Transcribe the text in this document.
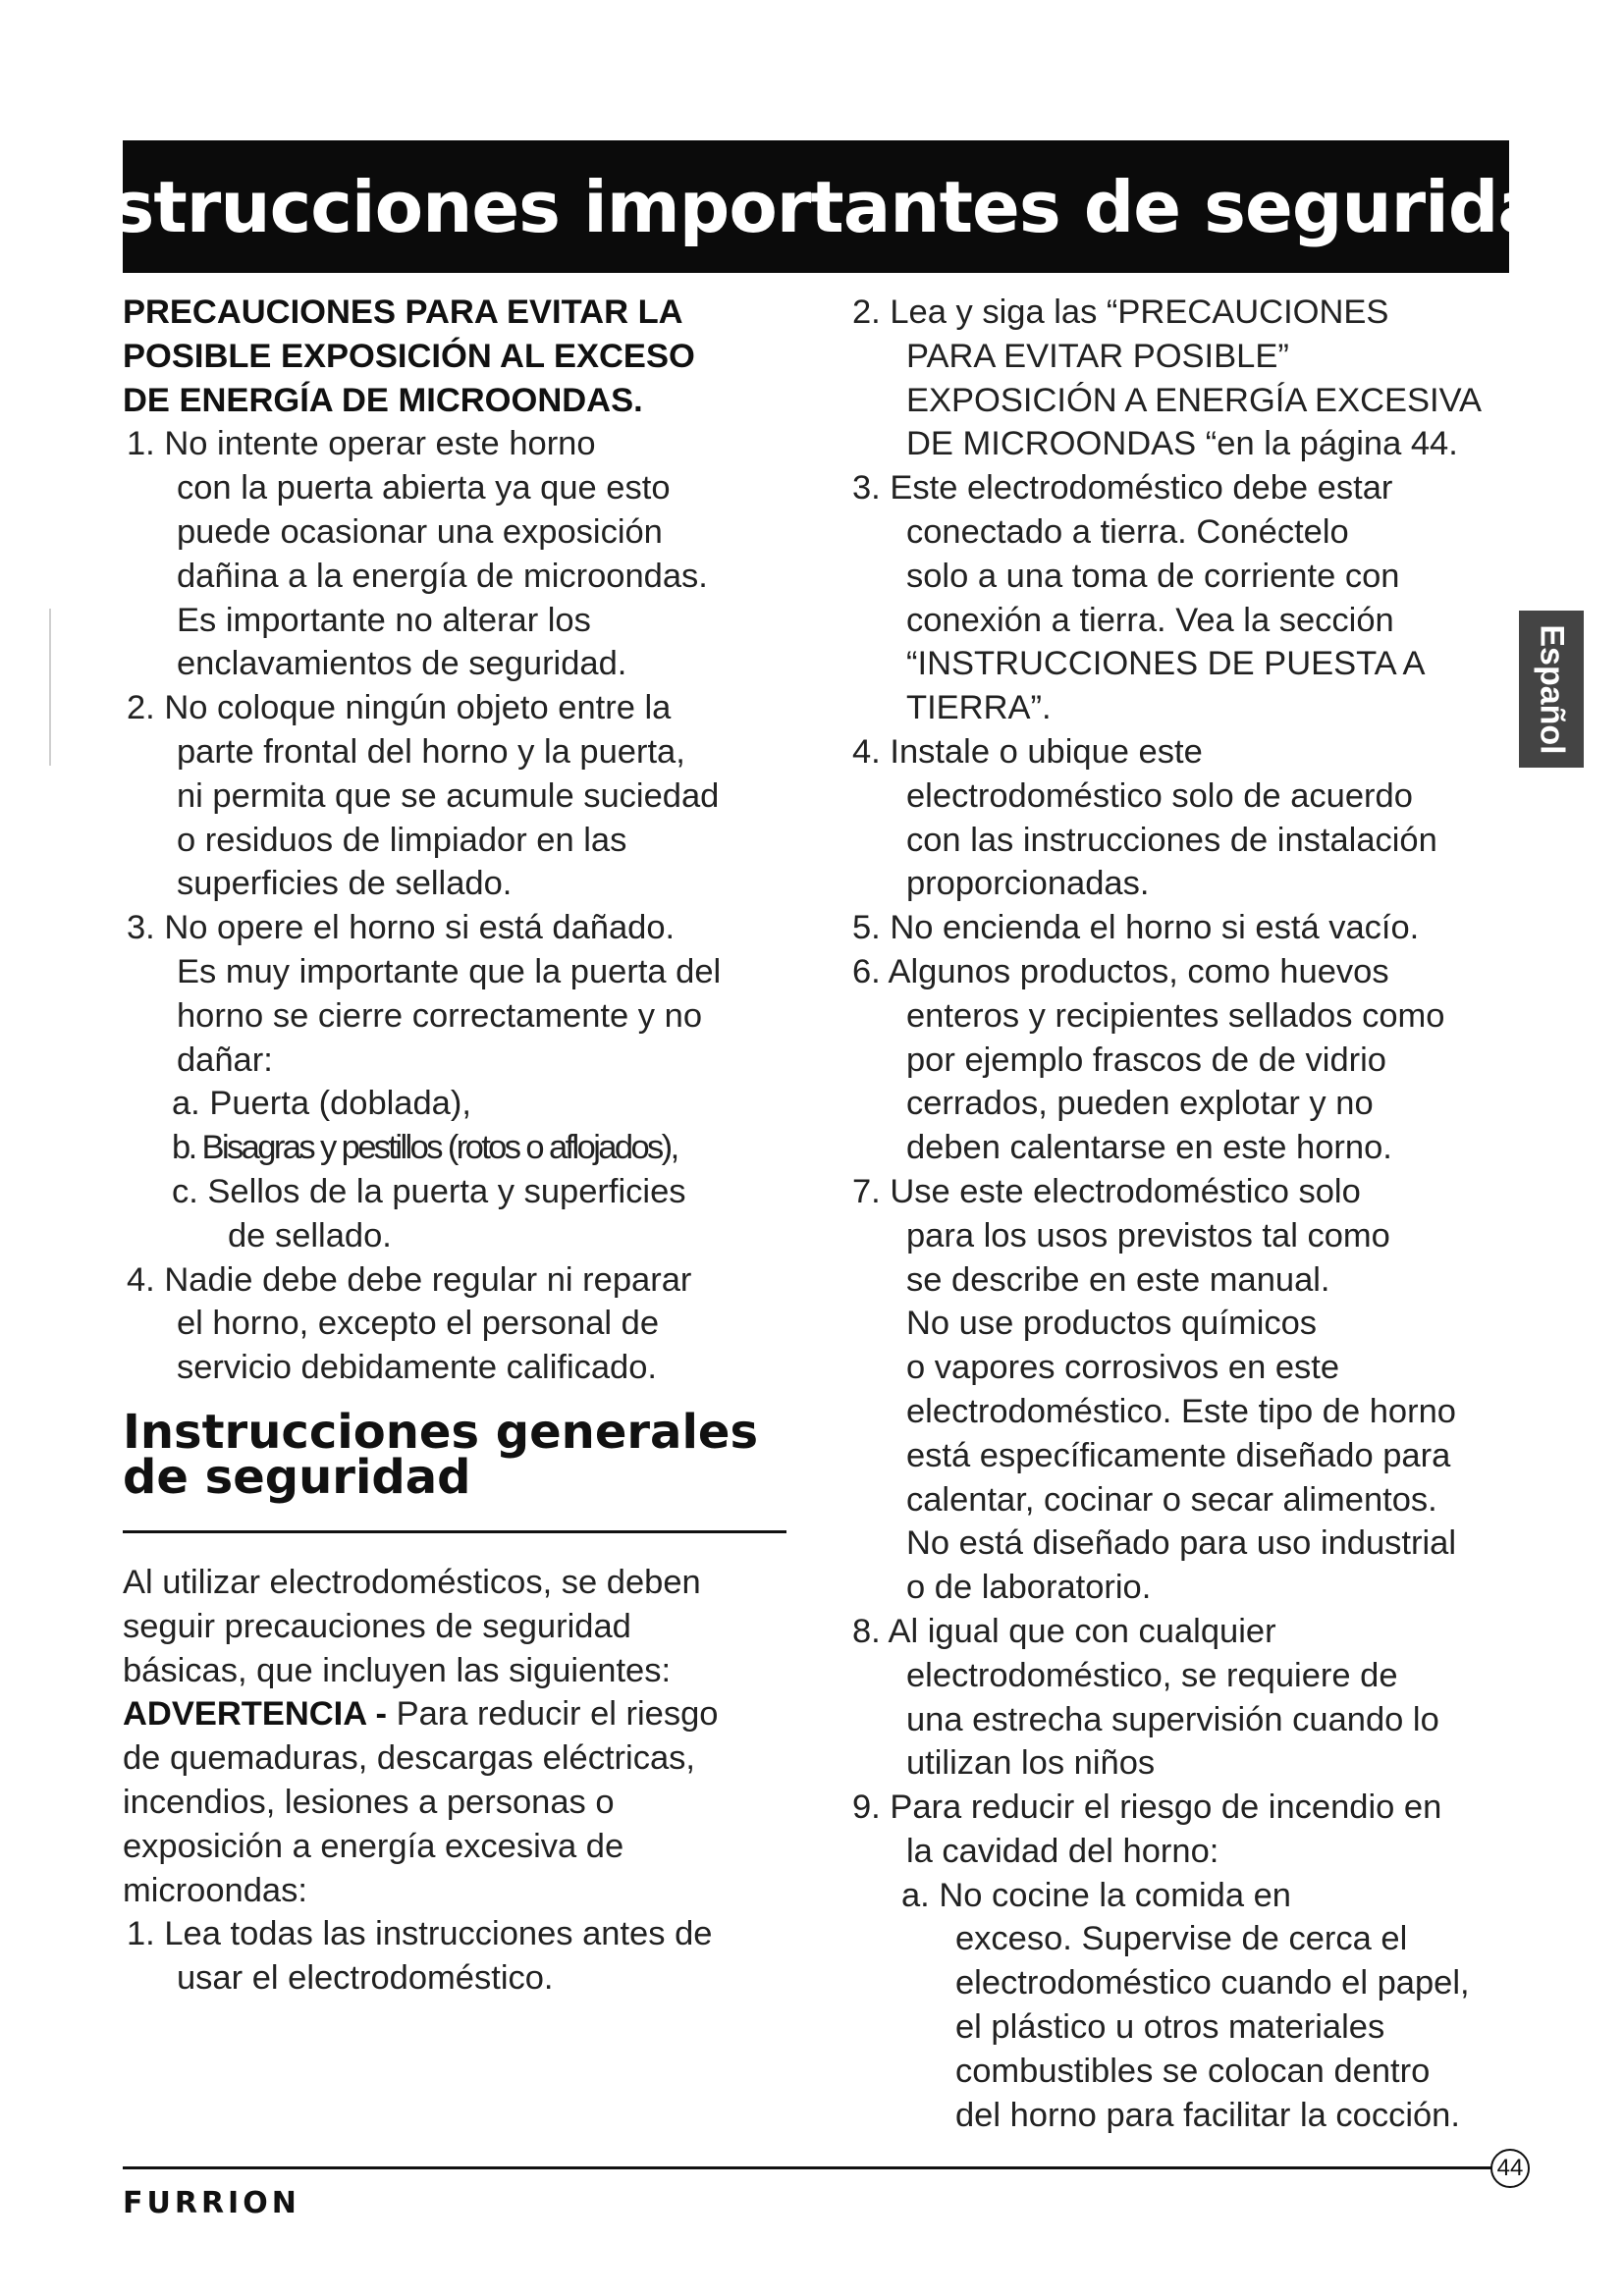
Instrucciones importantes de seguridad
Español
PRECAUCIONES PARA EVITAR LA
POSIBLE EXPOSICIÓN AL EXCESO
DE ENERGÍA DE MICROONDAS.
1. No intente operar este horno
con la puerta abierta ya que esto
puede ocasionar una exposición
dañina a la energía de microondas.
Es importante no alterar los
enclavamientos de seguridad.
2. No coloque ningún objeto entre la
parte frontal del horno y la puerta,
ni permita que se acumule suciedad
o residuos de limpiador en las
superficies de sellado.
3. No opere el horno si está dañado.
Es muy importante que la puerta del
horno se cierre correctamente y no
dañar:
a. Puerta (doblada),
b. Bisagras y pestillos (rotos o aflojados),
c. Sellos de la puerta y superficies
de sellado.
4. Nadie debe debe regular ni reparar
el horno, excepto el personal de
servicio debidamente calificado.
Instrucciones generales
de seguridad
Al utilizar electrodomésticos, se deben
seguir precauciones de seguridad
básicas, que incluyen las siguientes:
ADVERTENCIA - Para reducir el riesgo
de quemaduras, descargas eléctricas,
incendios, lesiones a personas o
exposición a energía excesiva de
microondas:
1. Lea todas las instrucciones antes de
usar el electrodoméstico.
2. Lea y siga las “PRECAUCIONES
PARA EVITAR POSIBLE”
EXPOSICIÓN A ENERGÍA EXCESIVA
DE MICROONDAS “en la página 44.
3. Este electrodoméstico debe estar
conectado a tierra. Conéctelo
solo a una toma de corriente con
conexión a tierra. Vea la sección
“INSTRUCCIONES DE PUESTA A
TIERRA”.
4. Instale o ubique este
electrodoméstico solo de acuerdo
con las instrucciones de instalación
proporcionadas.
5. No encienda el horno si está vacío.
6. Algunos productos, como huevos
enteros y recipientes sellados como
por ejemplo frascos de de vidrio
cerrados, pueden explotar y no
deben calentarse en este horno.
7. Use este electrodoméstico solo
para los usos previstos tal como
se describe en este manual.
No use productos químicos
o vapores corrosivos en este
electrodoméstico. Este tipo de horno
está específicamente diseñado para
calentar, cocinar o secar alimentos.
No está diseñado para uso industrial
o de laboratorio.
8. Al igual que con cualquier
electrodoméstico, se requiere de
una estrecha supervisión cuando lo
utilizan los niños
9. Para reducir el riesgo de incendio en
la cavidad del horno:
a. No cocine la comida en
exceso. Supervise de cerca el
electrodoméstico cuando el papel,
el plástico u otros materiales
combustibles se colocan dentro
del horno para facilitar la cocción.
44
FURRION
